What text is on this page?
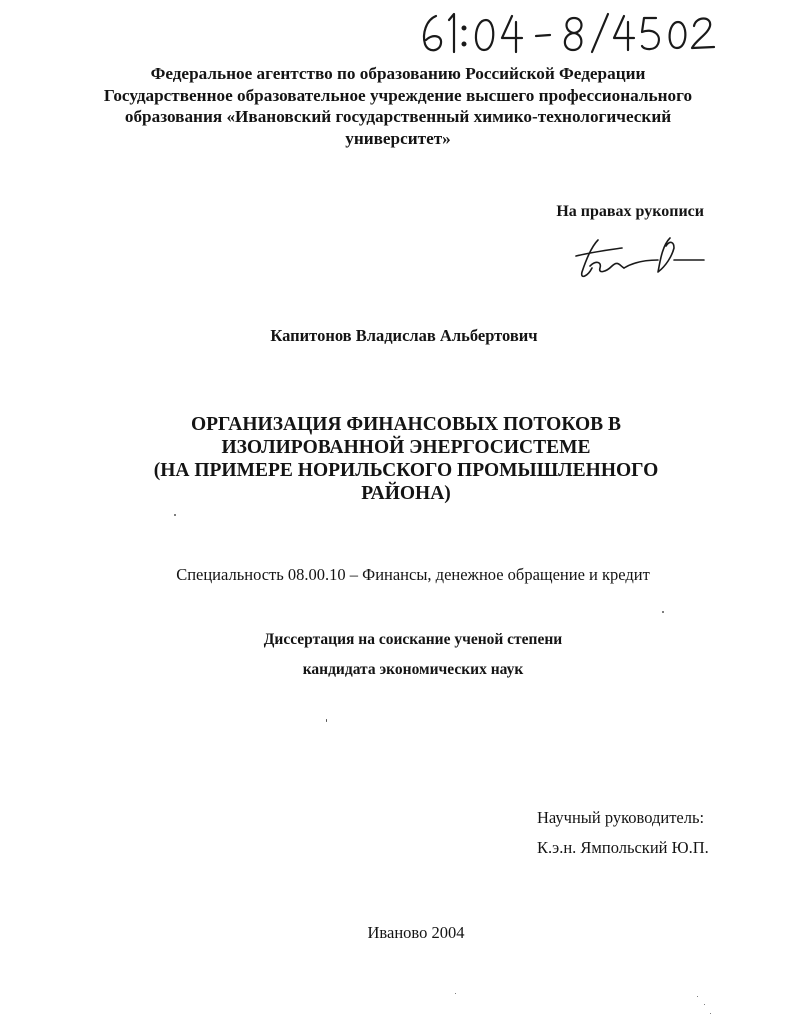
Федеральное агентство по образованию Российской Федерации
Государственное образовательное учреждение высшего профессионального
образования «Ивановский государственный химико-технологический
университет»
На правах рукописи
Капитонов Владислав Альбертович
ОРГАНИЗАЦИЯ ФИНАНСОВЫХ ПОТОКОВ В
ИЗОЛИРОВАННОЙ ЭНЕРГОСИСТЕМЕ
(НА ПРИМЕРЕ НОРИЛЬСКОГО ПРОМЫШЛЕННОГО
РАЙОНА)
Специальность 08.00.10 – Финансы, денежное обращение и кредит
Диссертация на соискание ученой степени
кандидата экономических наук
Научный руководитель:
К.э.н. Ямпольский Ю.П.
Иваново 2004
